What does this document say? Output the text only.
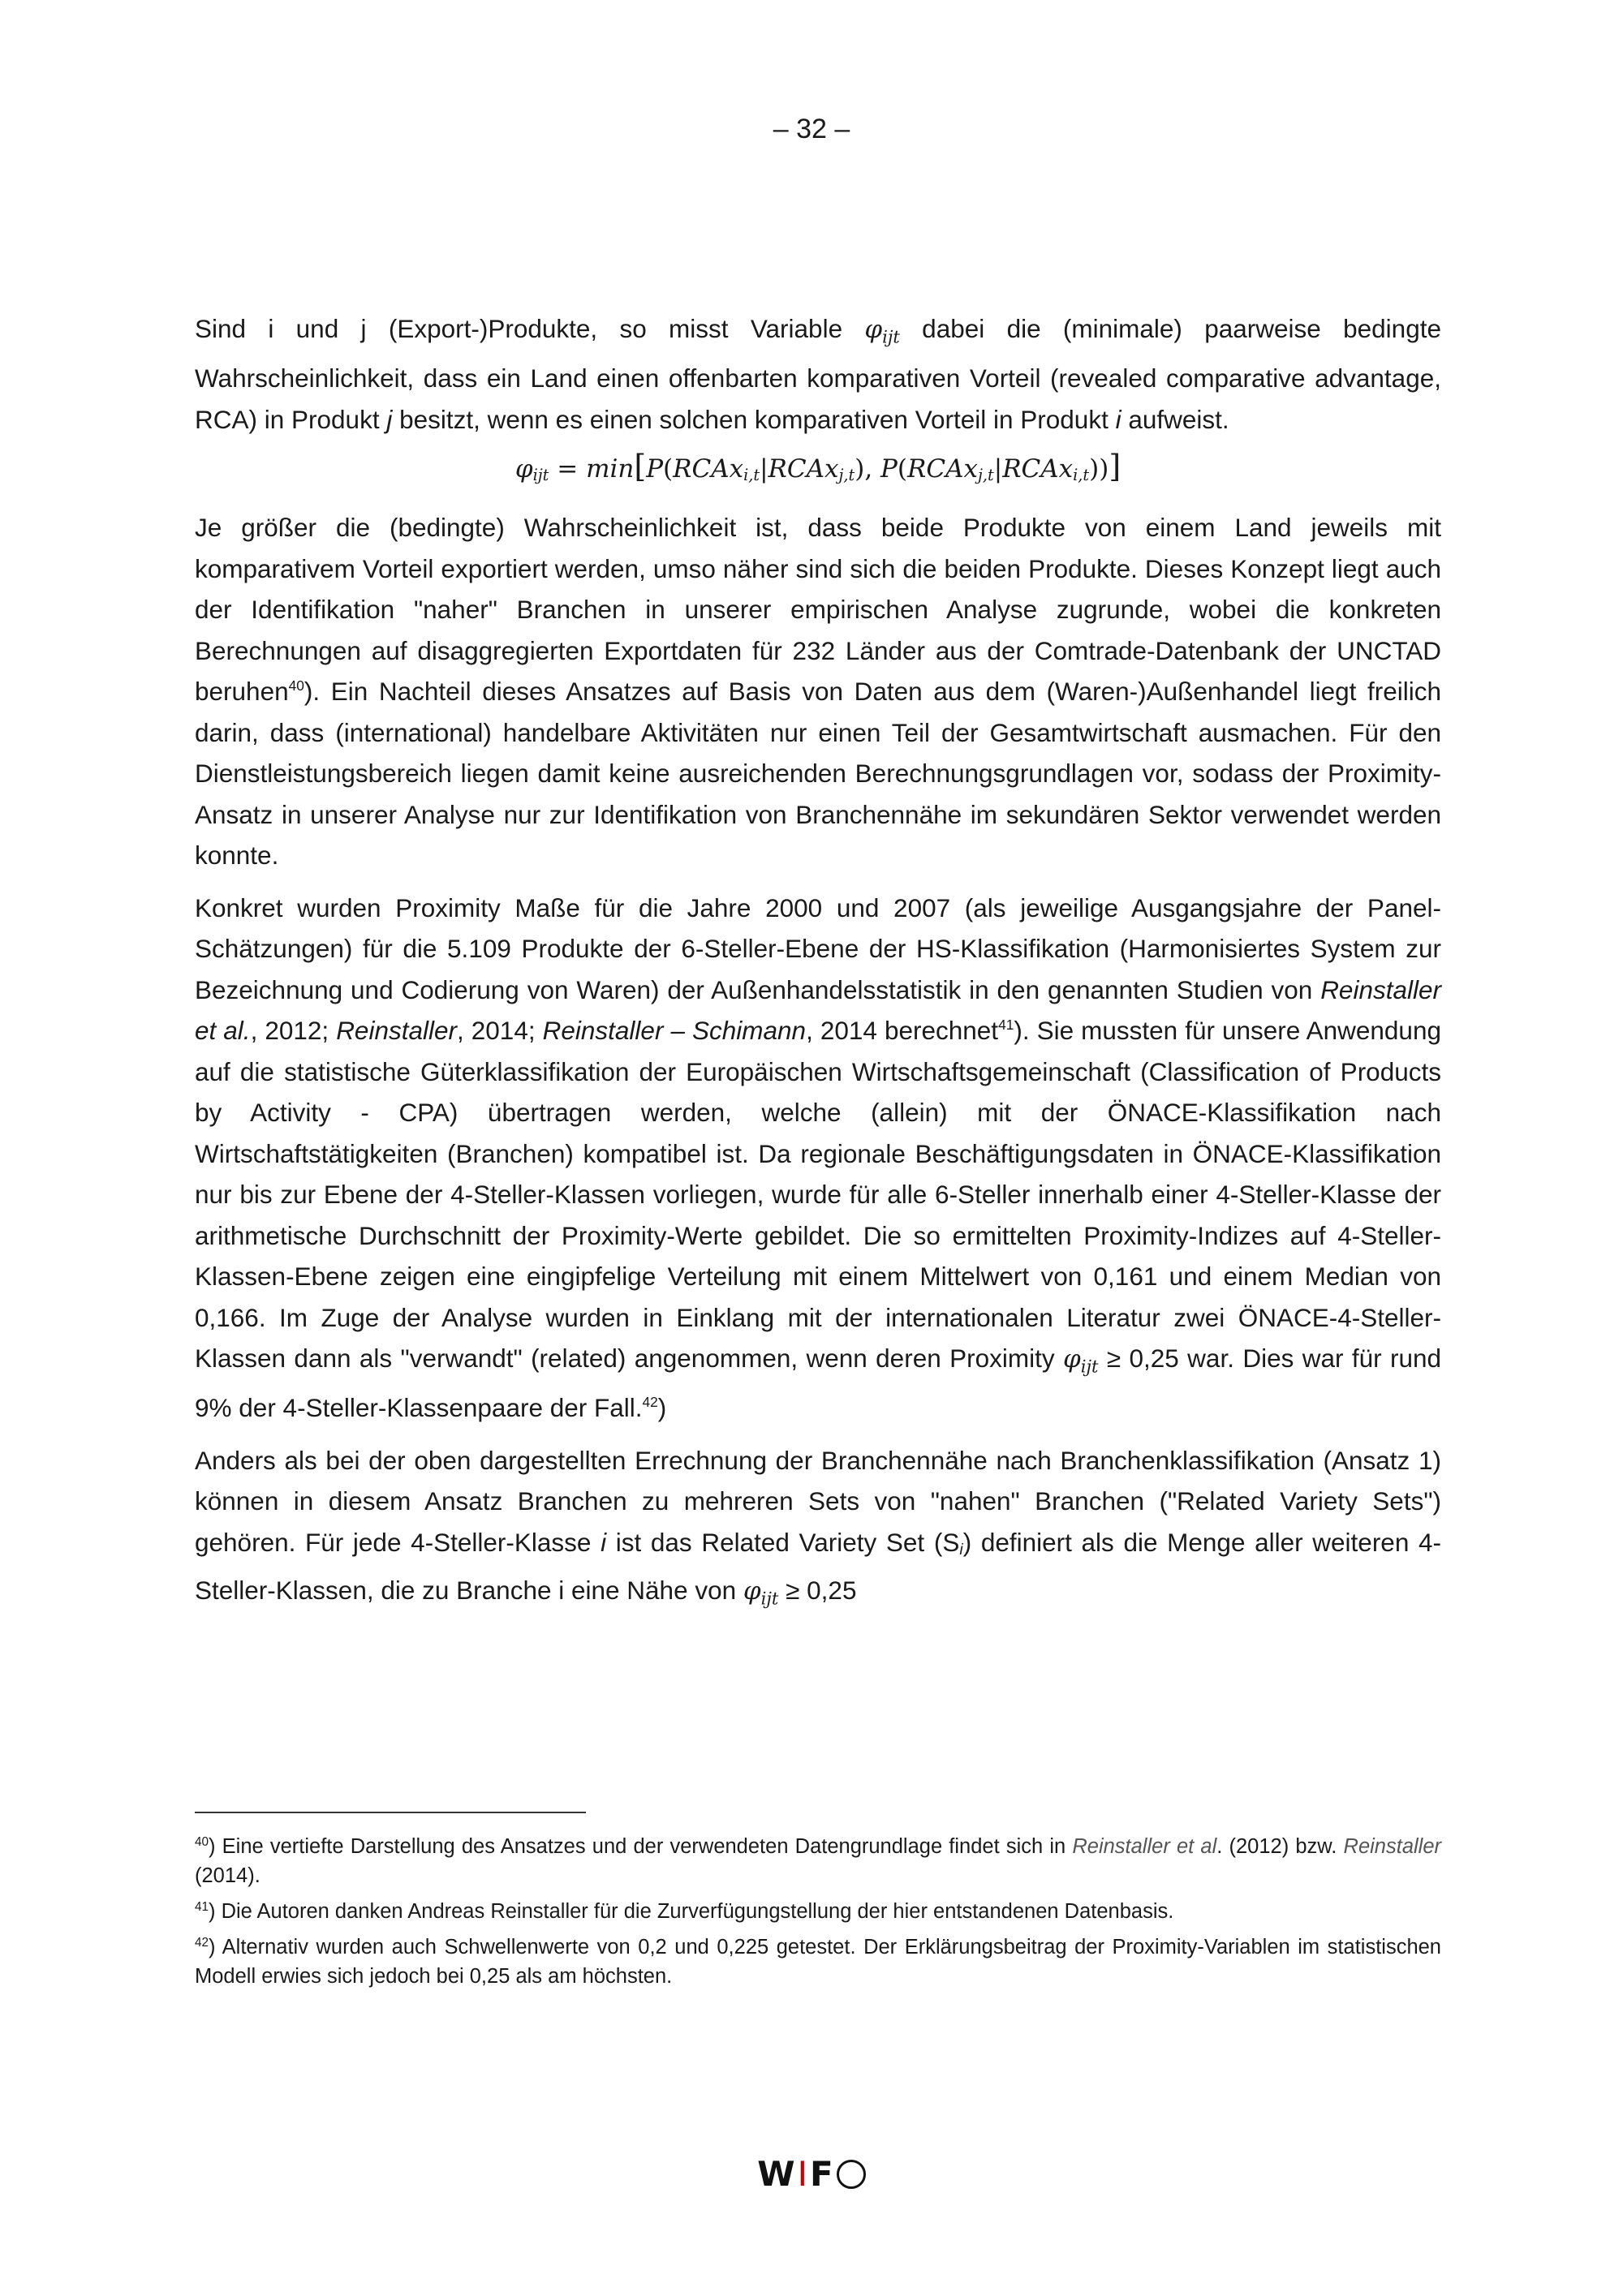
– 32 –

Sind i und j (Export-)Produkte, so misst Variable $\varphi_{ijt}$ dabei die (minimale) paarweise bedingte Wahrscheinlichkeit, dass ein Land einen offenbarten komparativen Vorteil (revealed comparative advantage, RCA) in Produkt j besitzt, wenn es einen solchen komparativen Vorteil in Produkt i aufweist.

$\varphi_{ijt}$ = min[P(RCAx$_{i,t}$|RCAx$_{j,t}$), P(RCAx$_{j,t}$|RCAx$_{i,t}$))]

Je größer die (bedingte) Wahrscheinlichkeit ist, dass beide Produkte von einem Land jeweils mit komparativem Vorteil exportiert werden, umso näher sind sich die beiden Produkte. Dieses Konzept liegt auch der Identifikation "naher" Branchen in unserer empirischen Analyse zugrunde, wobei die konkreten Berechnungen auf disaggregierten Exportdaten für 232 Länder aus der Comtrade-Datenbank der UNCTAD beruhen$^{40}$). Ein Nachteil dieses Ansatzes auf Basis von Daten aus dem (Waren-)Außenhandel liegt freilich darin, dass (international) handelbare Aktivitäten nur einen Teil der Gesamtwirtschaft ausmachen. Für den Dienstleistungsbereich liegen damit keine ausreichenden Berechnungsgrundlagen vor, sodass der Proximity-Ansatz in unserer Analyse nur zur Identifikation von Branchennähe im sekundären Sektor verwendet werden konnte.

Konkret wurden Proximity Maße für die Jahre 2000 und 2007 (als jeweilige Ausgangsjahre der Panel-Schätzungen) für die 5.109 Produkte der 6-Steller-Ebene der HS-Klassifikation (Harmonisiertes System zur Bezeichnung und Codierung von Waren) der Außenhandelsstatistik in den genannten Studien von Reinstaller et al., 2012; Reinstaller, 2014; Reinstaller – Schimann, 2014 berechnet$^{41}$). Sie mussten für unsere Anwendung auf die statistische Güterklassifikation der Europäischen Wirtschaftsgemeinschaft (Classification of Products by Activity - CPA) übertragen werden, welche (allein) mit der ÖNACE-Klassifikation nach Wirtschaftstätigkeiten (Branchen) kompatibel ist. Da regionale Beschäftigungsdaten in ÖNACE-Klassifikation nur bis zur Ebene der 4-Steller-Klassen vorliegen, wurde für alle 6-Steller innerhalb einer 4-Steller-Klasse der arithmetische Durchschnitt der Proximity-Werte gebildet. Die so ermittelten Proximity-Indizes auf 4-Steller-Klassen-Ebene zeigen eine eingipfelige Verteilung mit einem Mittelwert von 0,161 und einem Median von 0,166. Im Zuge der Analyse wurden in Einklang mit der internationalen Literatur zwei ÖNACE-4-Steller-Klassen dann als "verwandt" (related) angenommen, wenn deren Proximity $\varphi_{ijt} \ge 0,25$ war. Dies war für rund 9% der 4-Steller-Klassenpaare der Fall.$^{42}$)

Anders als bei der oben dargestellten Errechnung der Branchennähe nach Branchenklassifikation (Ansatz 1) können in diesem Ansatz Branchen zu mehreren Sets von "nahen" Branchen ("Related Variety Sets") gehören. Für jede 4-Steller-Klasse i ist das Related Variety Set $(S_i)$ definiert als die Menge aller weiteren 4-Steller-Klassen, die zu Branche i eine Nähe von $\varphi_{ijt} \ge 0,25$

$^{40}$) Eine vertiefte Darstellung des Ansatzes und der verwendeten Datengrundlage findet sich in Reinstaller et al. (2012) bzw. Reinstaller (2014).

$^{41}$) Die Autoren danken Andreas Reinstaller für die Zurverfügungstellung der hier entstandenen Datenbasis.

$^{42}$) Alternativ wurden auch Schwellenwerte von 0,2 und 0,225 getestet. Der Erklärungsbeitrag der Proximity-Variablen im statistischen Modell erwies sich jedoch bei 0,25 als am höchsten.

WIF
